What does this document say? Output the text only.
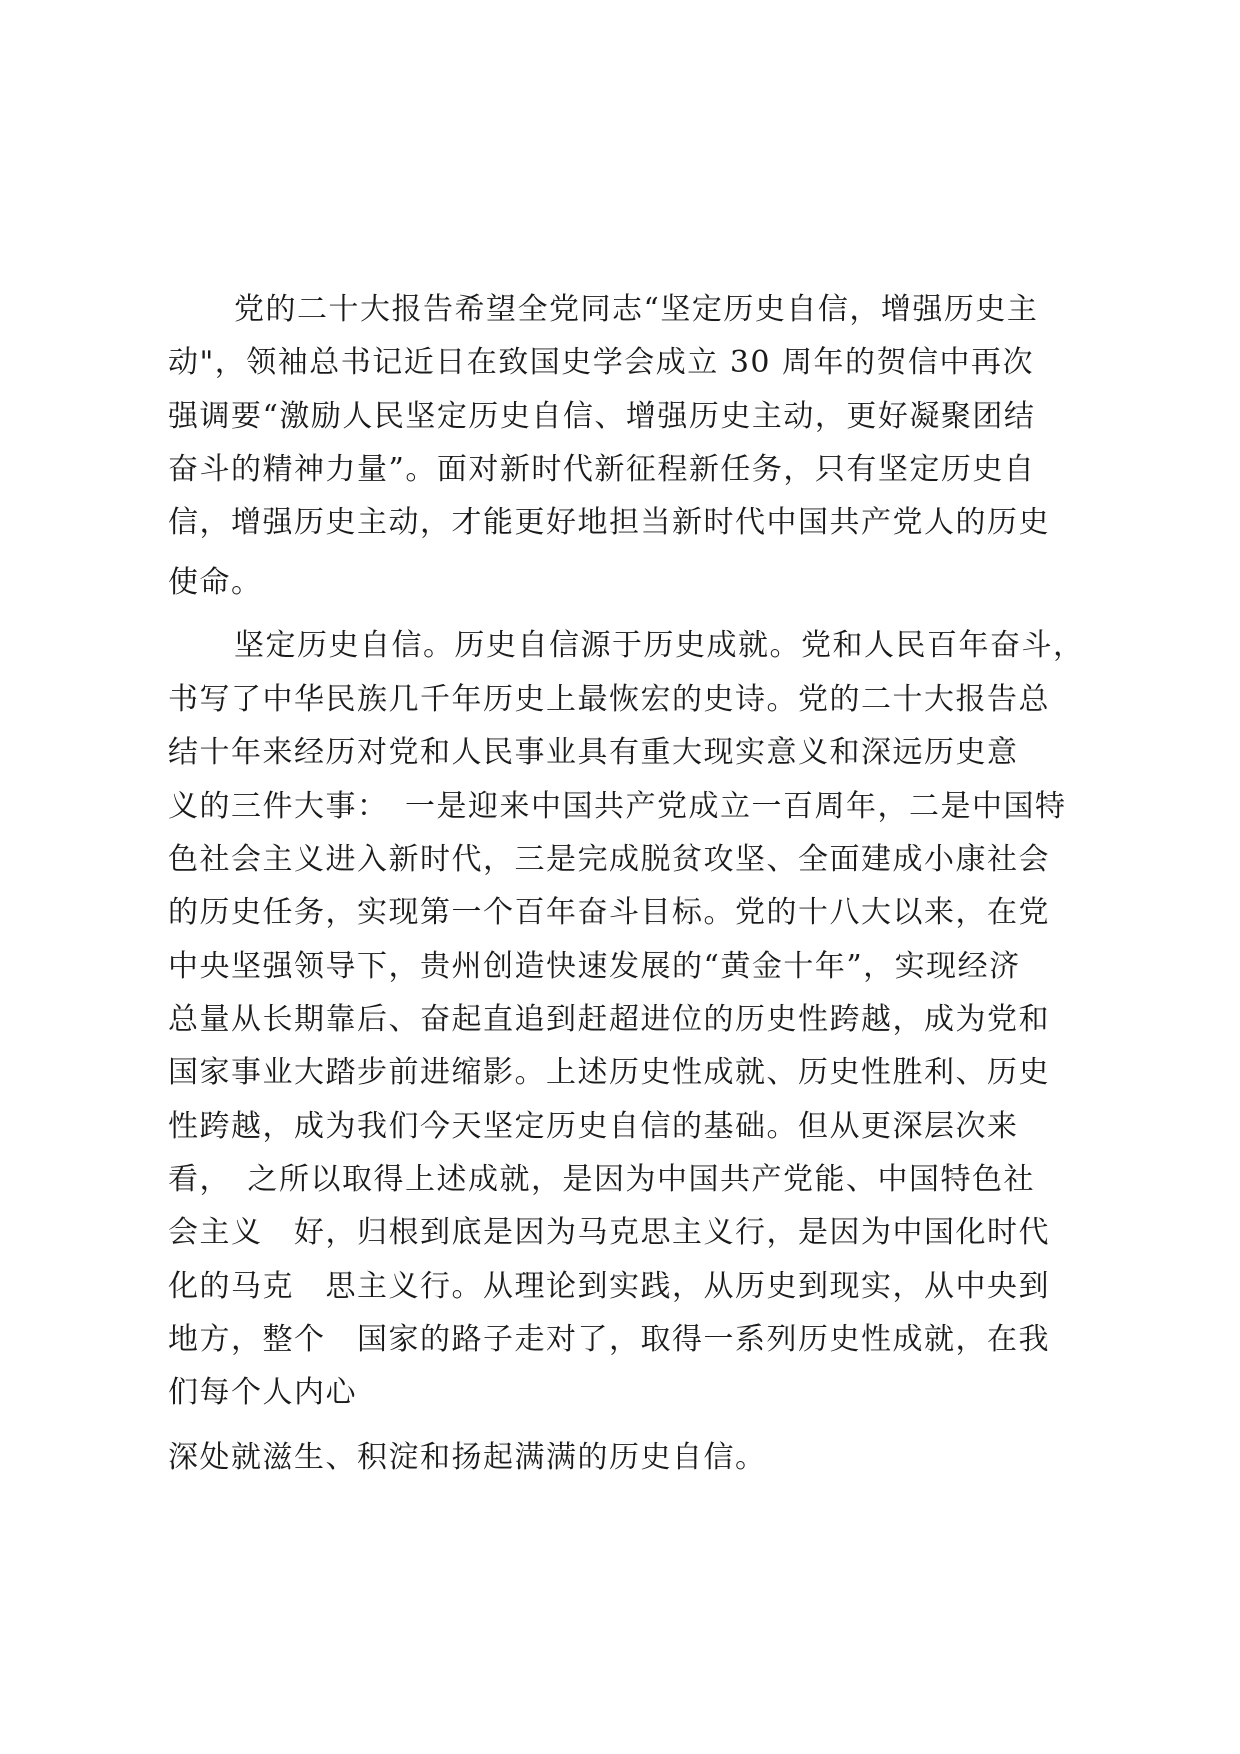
党的二十大报告希望全党同志“坚定历史自信，增强历史主
动"，领袖总书记近日在致国史学会成立 30 周年的贺信中再次
强调要“激励人民坚定历史自信、增强历史主动，更好凝聚团结
奋斗的精神力量”。面对新时代新征程新任务，只有坚定历史自
信，增强历史主动，才能更好地担当新时代中国共产党人的历史
使命。
坚定历史自信。历史自信源于历史成就。党和人民百年奋斗，
书写了中华民族几千年历史上最恢宏的史诗。党的二十大报告总
结十年来经历对党和人民事业具有重大现实意义和深远历史意
义的三件大事：　一是迎来中国共产党成立一百周年，二是中国特
色社会主义进入新时代，三是完成脱贫攻坚、全面建成小康社会
的历史任务，实现第一个百年奋斗目标。党的十八大以来，在党
中央坚强领导下，贵州创造快速发展的“黄金十年”，实现经济
总量从长期靠后、奋起直追到赶超进位的历史性跨越，成为党和
国家事业大踏步前进缩影。上述历史性成就、历史性胜利、历史
性跨越，成为我们今天坚定历史自信的基础。但从更深层次来
看，　之所以取得上述成就，是因为中国共产党能、中国特色社
会主义　好，归根到底是因为马克思主义行，是因为中国化时代
化的马克　思主义行。从理论到实践，从历史到现实，从中央到
地方，整个　国家的路子走对了，取得一系列历史性成就，在我
们每个人内心
深处就滋生、积淀和扬起满满的历史自信。
